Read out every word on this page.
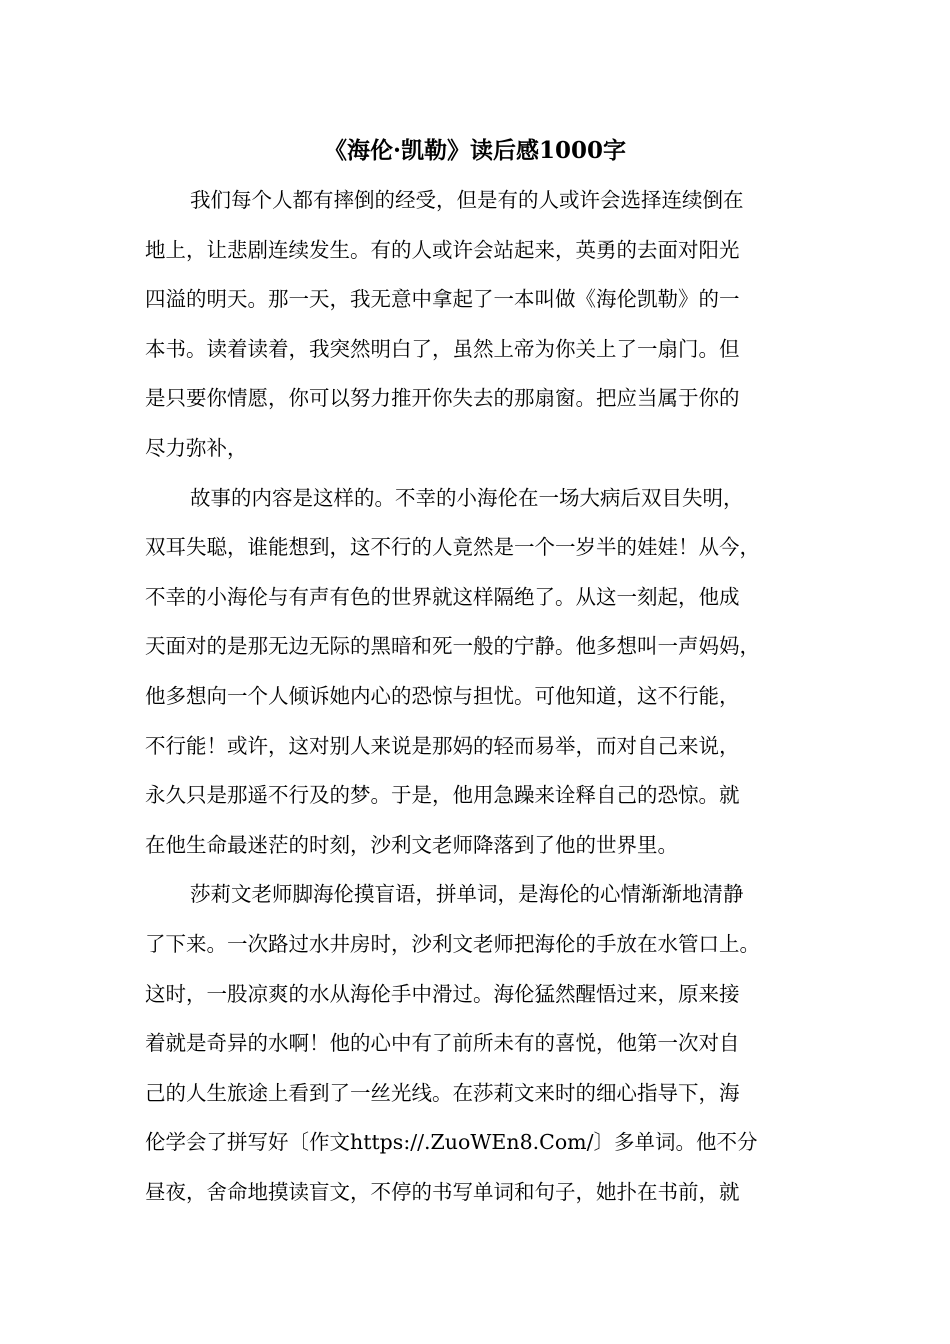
《海伦·凯勒》读后感1000字

我们每个人都有摔倒的经受，但是有的人或许会选择连续倒在

地上，让悲剧连续发生。有的人或许会站起来，英勇的去面对阳光

四溢的明天。那一天，我无意中拿起了一本叫做《海伦凯勒》的一

本书。读着读着，我突然明白了，虽然上帝为你关上了一扇门。但

是只要你情愿，你可以努力推开你失去的那扇窗。把应当属于你的

尽力弥补，

故事的内容是这样的。不幸的小海伦在一场大病后双目失明，

双耳失聪，谁能想到，这不行的人竟然是一个一岁半的娃娃！从今，

不幸的小海伦与有声有色的世界就这样隔绝了。从这一刻起，他成

天面对的是那无边无际的黑暗和死一般的宁静。他多想叫一声妈妈，

他多想向一个人倾诉她内心的恐惊与担忧。可他知道，这不行能，

不行能！或许，这对别人来说是那妈的轻而易举，而对自己来说，

永久只是那遥不行及的梦。于是，他用急躁来诠释自己的恐惊。就

在他生命最迷茫的时刻，沙利文老师降落到了他的世界里。

莎莉文老师脚海伦摸盲语，拼单词，是海伦的心情渐渐地清静

了下来。一次路过水井房时，沙利文老师把海伦的手放在水管口上。

这时，一股凉爽的水从海伦手中滑过。海伦猛然醒悟过来，原来接

着就是奇异的水啊！他的心中有了前所未有的喜悦，他第一次对自

己的人生旅途上看到了一丝光线。在莎莉文来时的细心指导下，海

伦学会了拼写好〔作文https://.ZuoWEn8.Com/〕多单词。他不分

昼夜，舍命地摸读盲文，不停的书写单词和句子，她扑在书前，就
